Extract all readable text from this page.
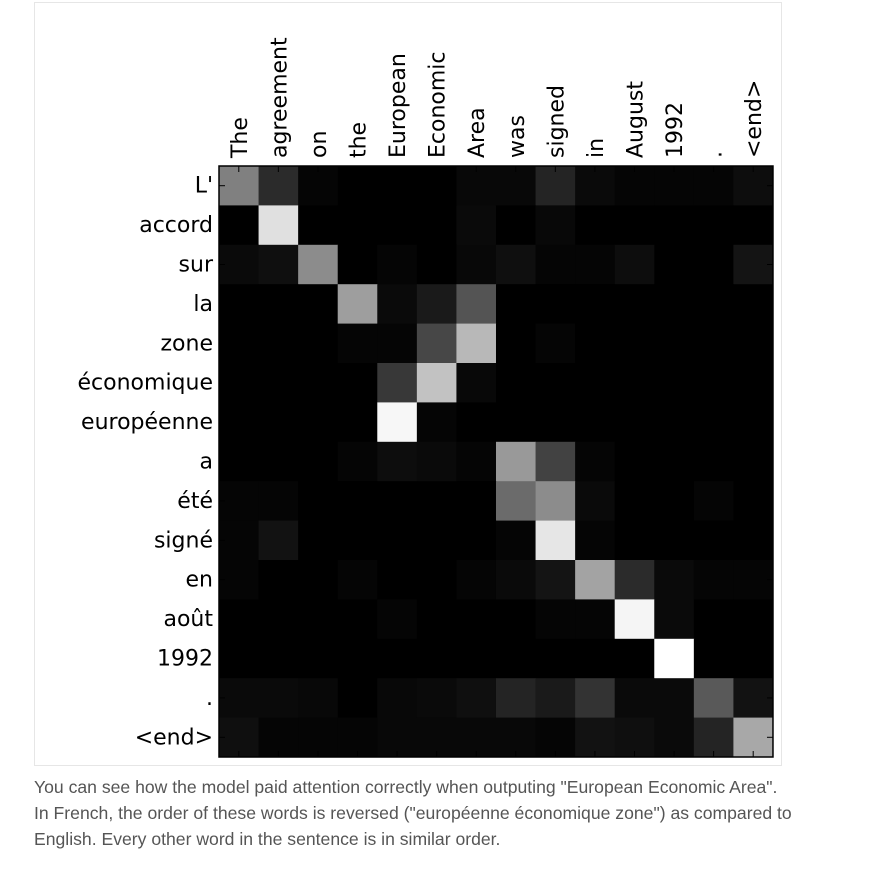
The agreement on the European Economic Area was signed in August 1992 . <end>
L'
accord
sur
la
zone
économique
européenne
a
été
signé
en
août
1992
.
<end>

You can see how the model paid attention correctly when outputing "European Economic Area". In French, the order of these words is reversed ("européenne économique zone") as compared to English. Every other word in the sentence is in similar order.
